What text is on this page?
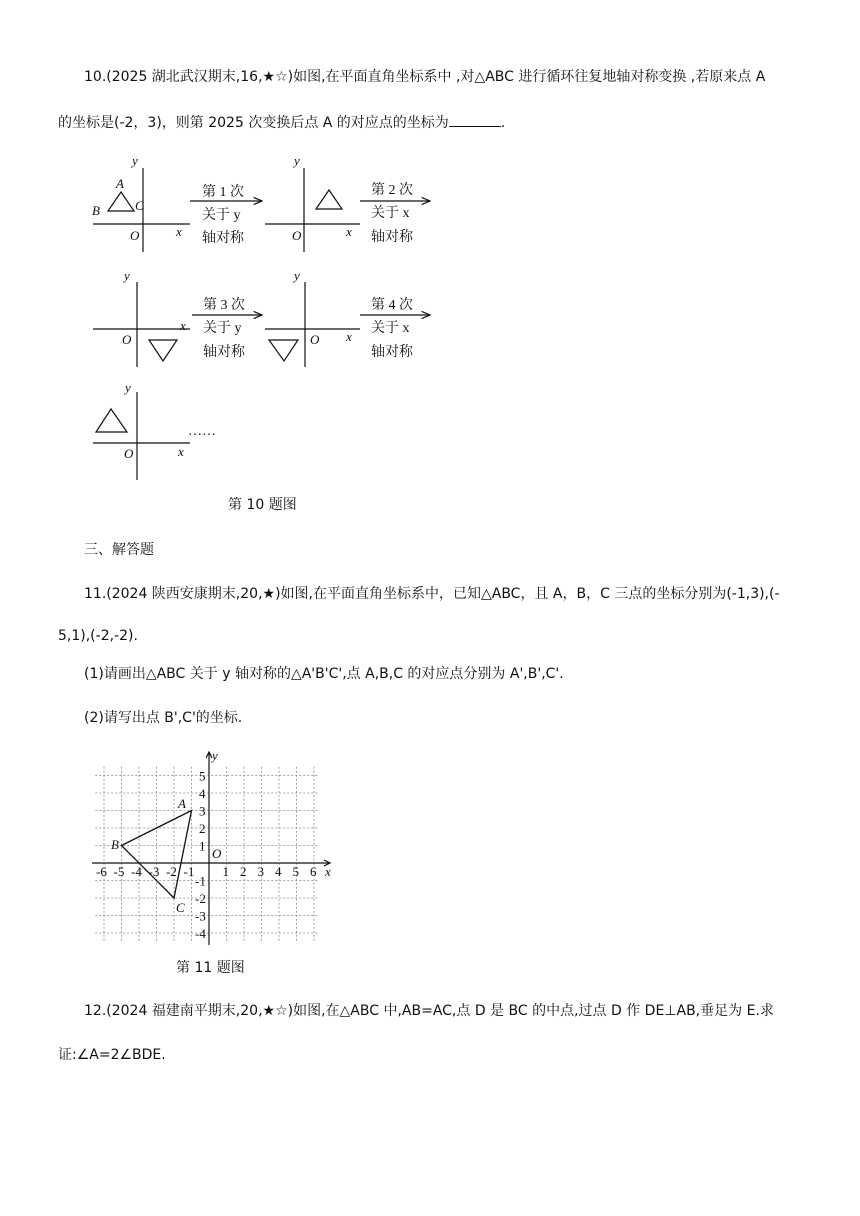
10.(2025 湖北武汉期末,16,★☆)如图,在平面直角坐标系中 ,对△ABC 进行循环往复地轴对称变换 ,若原来点 A
的坐标是(-2，3)，则第 2025 次变换后点 A 的对应点的坐标为	.
y
x
O
A
B	C
y
x
O
y
x
O
y
x
O
y
x
O
第 1 次
关于 y
轴对称
第 2 次
关于 x
轴对称
第 3 次
关于 y
轴对称
第 4 次
关于 x
轴对称
……
第 10 题图
三、解答题
11.(2024 陕西安康期末,20,★)如图,在平面直角坐标系中，已知△ABC，且 A，B，C 三点的坐标分别为(-1,3),(-
5,1),(-2,-2).
(1)请画出△ABC 关于 y 轴对称的△A'B'C',点 A,B,C 的对应点分别为 A',B',C'.
(2)请写出点 B',C'的坐标.
-6 -5 -4 -3 -2 -1 1 2 3 4 5 6
5
4
3
2
1
-1
-2
-3
-4
y
x
O
A
B
C
第 11 题图
12.(2024 福建南平期末,20,★☆)如图,在△ABC 中,AB=AC,点 D 是 BC 的中点,过点 D 作 DE⊥AB,垂足为 E.求
证:∠A=2∠BDE.
